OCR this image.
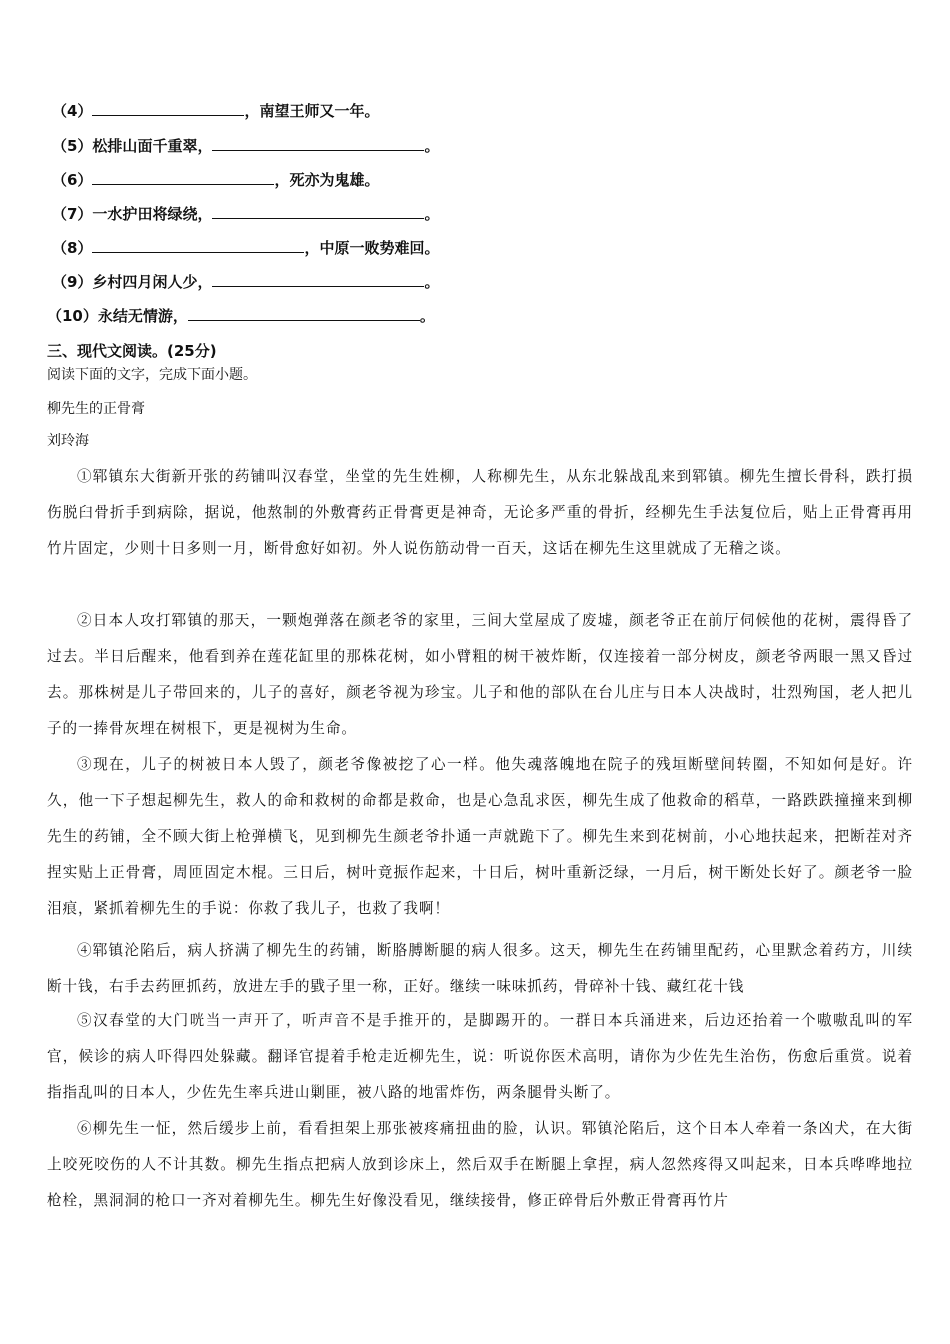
（4）	，南望王师又一年。
（5）松排山面千重翠，	。
（6）	，死亦为鬼雄。
（7）一水护田将绿绕，	。
（8）	，中原一败势难回。
（9）乡村四月闲人少，	。
（10）永结无情游，	。
三、现代文阅读。(25分)
阅读下面的文字，完成下面小题。
柳先生的正骨膏
刘玲海
①郓镇东大街新开张的药铺叫汉春堂，坐堂的先生姓柳，人称柳先生，从东北躲战乱来到郓镇。柳先生擅长骨科，跌打损伤脱臼骨折手到病除，据说，他熬制的外敷膏药正骨膏更是神奇，无论多严重的骨折，经柳先生手法复位后，贴上正骨膏再用竹片固定，少则十日多则一月，断骨愈好如初。外人说伤筋动骨一百天，这话在柳先生这里就成了无稽之谈。
②日本人攻打郓镇的那天，一颗炮弹落在颜老爷的家里，三间大堂屋成了废墟，颜老爷正在前厅伺候他的花树，震得昏了过去。半日后醒来，他看到养在莲花缸里的那株花树，如小臂粗的树干被炸断，仅连接着一部分树皮，颜老爷两眼一黑又昏过去。那株树是儿子带回来的，儿子的喜好，颜老爷视为珍宝。儿子和他的部队在台儿庄与日本人决战时，壮烈殉国，老人把儿子的一捧骨灰埋在树根下，更是视树为生命。
③现在，儿子的树被日本人毁了，颜老爷像被挖了心一样。他失魂落魄地在院子的残垣断壁间转圈，不知如何是好。许久，他一下子想起柳先生，救人的命和救树的命都是救命，也是心急乱求医，柳先生成了他救命的稻草，一路跌跌撞撞来到柳先生的药铺，全不顾大街上枪弹横飞，见到柳先生颜老爷扑通一声就跪下了。柳先生来到花树前，小心地扶起来，把断茬对齐捏实贴上正骨膏，周匝固定木棍。三日后，树叶竟振作起来，十日后，树叶重新泛绿，一月后，树干断处长好了。颜老爷一脸泪痕，紧抓着柳先生的手说：你救了我儿子，也救了我啊！
④郓镇沦陷后，病人挤满了柳先生的药铺，断胳膊断腿的病人很多。这天，柳先生在药铺里配药，心里默念着药方，川续断十钱，右手去药匣抓药，放进左手的戥子里一称，正好。继续一味味抓药，骨碎补十钱、藏红花十钱
⑤汉春堂的大门咣当一声开了，听声音不是手推开的，是脚踢开的。一群日本兵涌进来，后边还抬着一个嗷嗷乱叫的军官，候诊的病人吓得四处躲藏。翻译官提着手枪走近柳先生，说：听说你医术高明，请你为少佐先生治伤，伤愈后重赏。说着指指乱叫的日本人，少佐先生率兵进山剿匪，被八路的地雷炸伤，两条腿骨头断了。
⑥柳先生一怔，然后缓步上前，看看担架上那张被疼痛扭曲的脸，认识。郓镇沦陷后，这个日本人牵着一条凶犬，在大街上咬死咬伤的人不计其数。柳先生指点把病人放到诊床上，然后双手在断腿上拿捏，病人忽然疼得又叫起来，日本兵哗哗地拉枪栓，黑洞洞的枪口一齐对着柳先生。柳先生好像没看见，继续接骨，修正碎骨后外敷正骨膏再竹片
